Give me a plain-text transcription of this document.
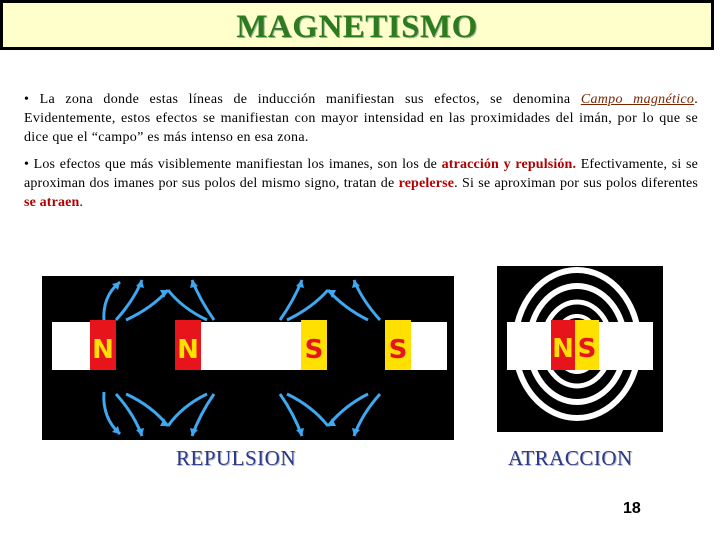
MAGNETISMO
• La zona donde estas líneas de inducción manifiestan sus efectos, se denomina Campo magnético. Evidentemente, estos efectos se manifiestan con mayor intensidad en las proximidades del imán, por lo que se dice que el “campo” es más intenso en esa zona.
• Los efectos que más visiblemente manifiestan los imanes, son los de atracción y repulsión. Efectivamente, si se aproximan dos imanes por sus polos del mismo signo, tratan de repelerse. Si se aproximan por sus polos diferentes se atraen.
N N	S	S	N S
REPULSION	ATRACCION
18
